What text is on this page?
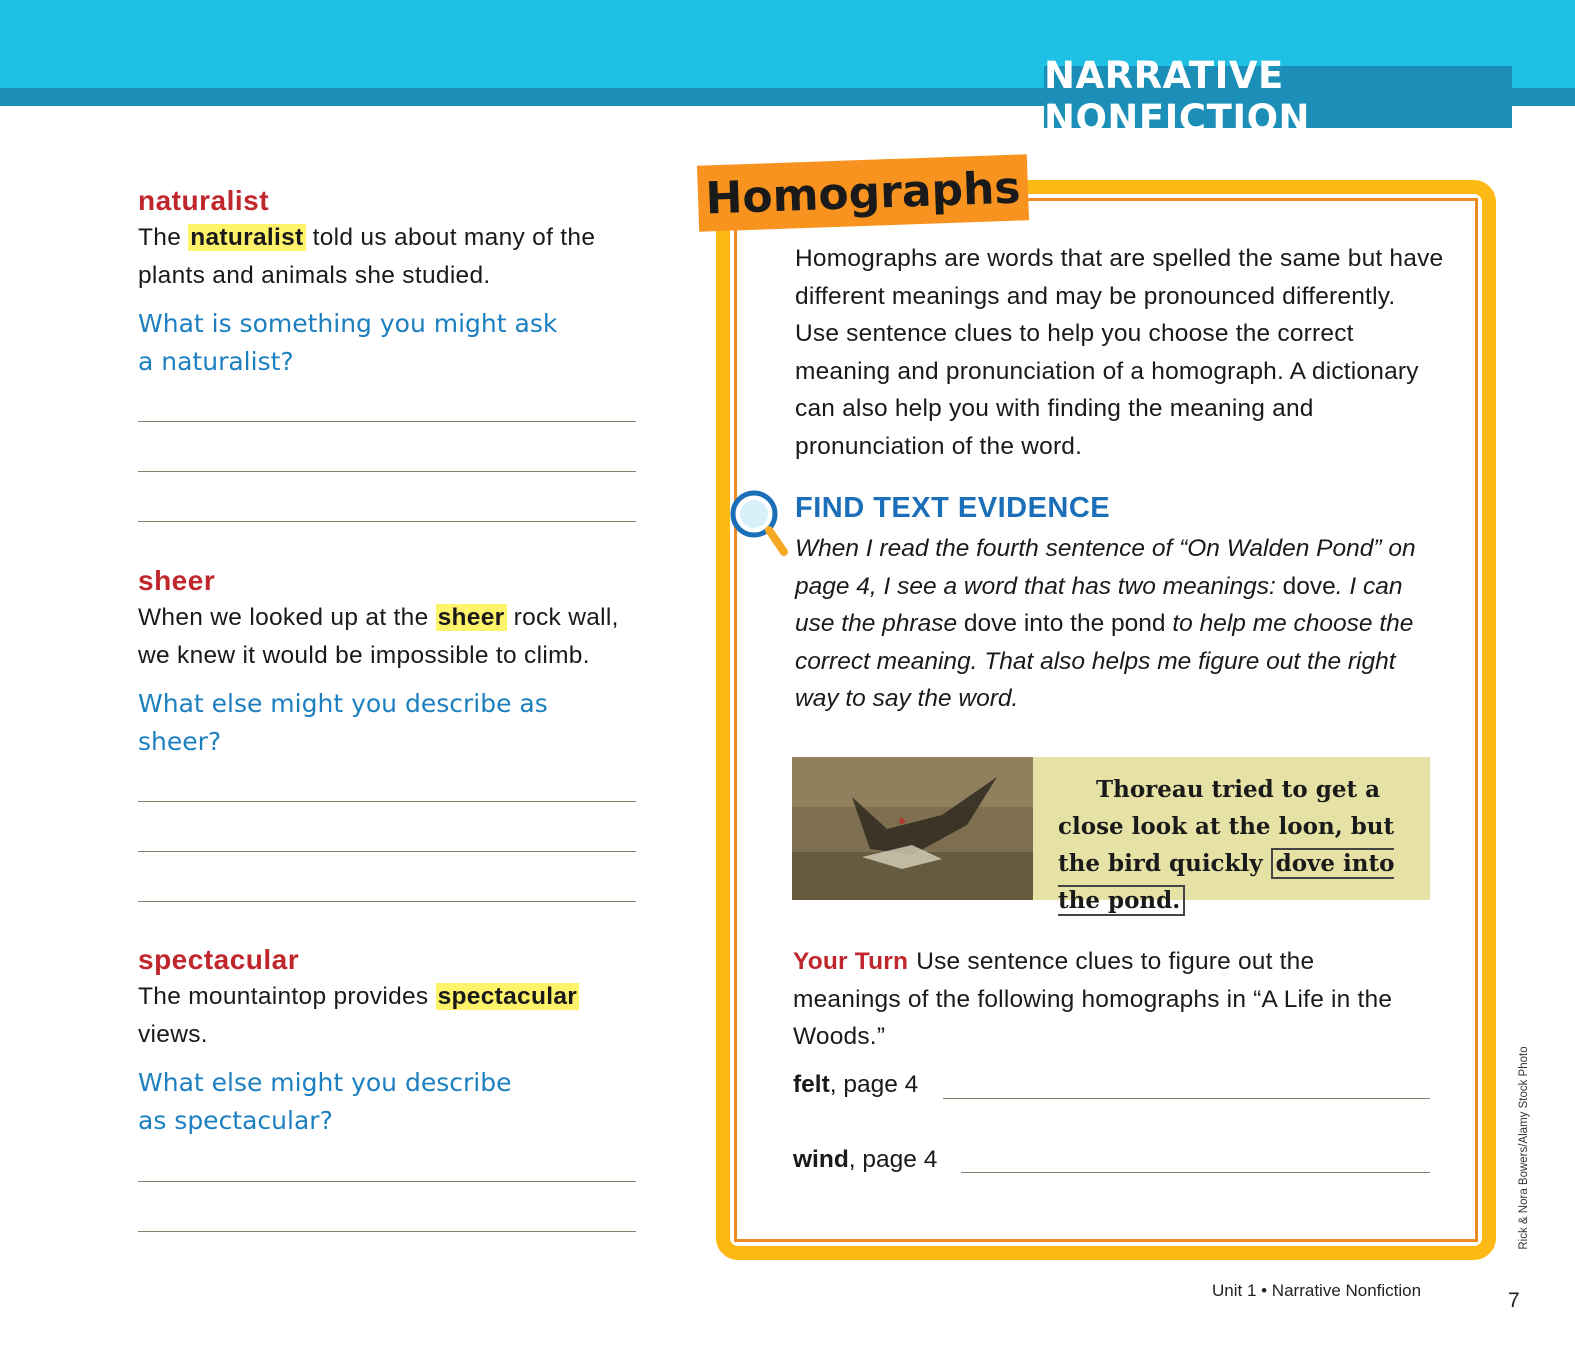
NARRATIVE NONFICTION

naturalist

The naturalist told us about many of the plants and animals she studied.

What is something you might ask
a naturalist?

sheer

When we looked up at the sheer rock wall, we knew it would be impossible to climb.

What else might you describe as sheer?

spectacular

The mountaintop provides spectacular views.

What else might you describe
as spectacular?

Homographs

Homographs are words that are spelled the same but have different meanings and may be pronounced differently. Use sentence clues to help you choose the correct meaning and pronunciation of a homograph. A dictionary can also help you with finding the meaning and pronunciation of the word.

FIND TEXT EVIDENCE

When I read the fourth sentence of “On Walden Pond” on page 4, I see a word that has two meanings: dove. I can use the phrase dove into the pond to help me choose the correct meaning. That also helps me figure out the right way to say the word.

Thoreau tried to get a close look at the loon, but the bird quickly dove into the pond.

Your Turn Use sentence clues to figure out the meanings of the following homographs in “A Life in the Woods.”

felt, page 4
wind, page 4	Rick & Nora Bowers/Alamy Stock Photo
Unit 1 • Narrative Nonfiction	7
